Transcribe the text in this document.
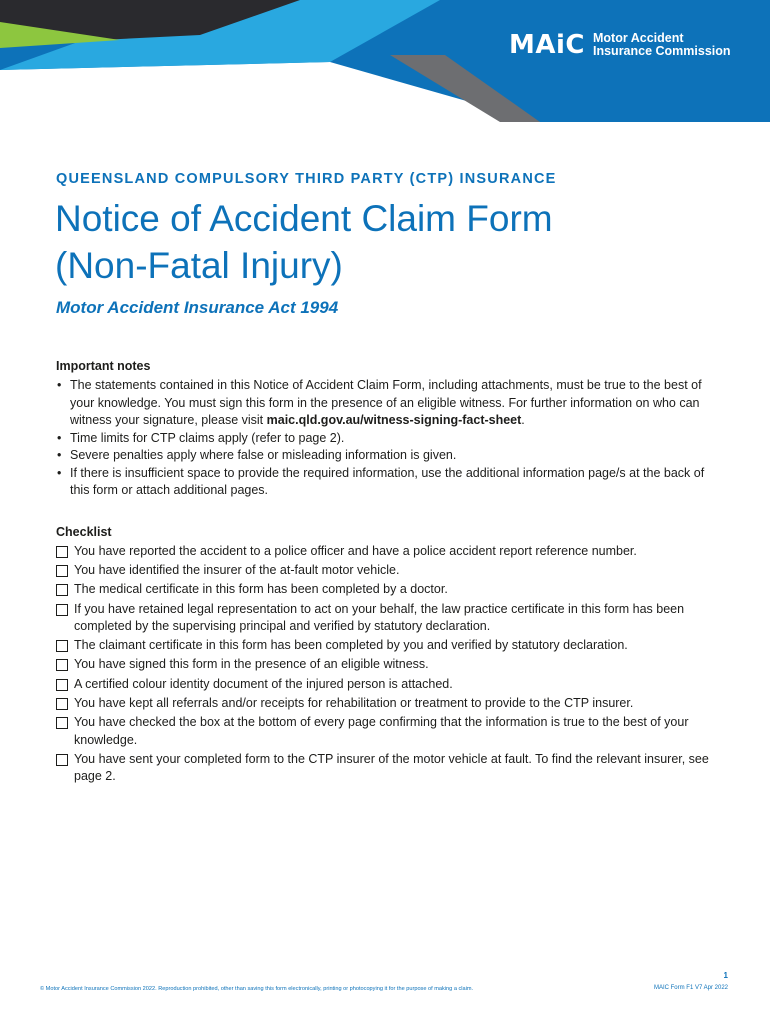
MAiC Motor Accident
Insurance Commission

QUEENSLAND COMPULSORY THIRD PARTY (CTP) INSURANCE

Notice of Accident Claim Form
(Non-Fatal Injury)

Motor Accident Insurance Act 1994

Important notes

• The statements contained in this Notice of Accident Claim Form, including attachments, must be true to the best of your knowledge. You must sign this form in the presence of an eligible witness. For further information on who can witness your signature, please visit maic.qld.gov.au/witness-signing-fact-sheet.
• Time limits for CTP claims apply (refer to page 2).
• Severe penalties apply where false or misleading information is given.
• If there is insufficient space to provide the required information, use the additional information page/s at the back of this form or attach additional pages.

Checklist

You have reported the accident to a police officer and have a police accident report reference number.
You have identified the insurer of the at-fault motor vehicle.
The medical certificate in this form has been completed by a doctor.
If you have retained legal representation to act on your behalf, the law practice certificate in this form has been completed by the supervising principal and verified by statutory declaration.
The claimant certificate in this form has been completed by you and verified by statutory declaration.
You have signed this form in the presence of an eligible witness.
A certified colour identity document of the injured person is attached.
You have kept all referrals and/or receipts for rehabilitation or treatment to provide to the CTP insurer.
You have checked the box at the bottom of every page confirming that the information is true to the best of your knowledge.
You have sent your completed form to the CTP insurer of the motor vehicle at fault. To find the relevant insurer, see page 2.

© Motor Accident Insurance Commission 2022. Reproduction prohibited, other than saving this form electronically, printing or photocopying it for the purpose of making a claim.

1

MAIC Form F1 V7 Apr 2022
